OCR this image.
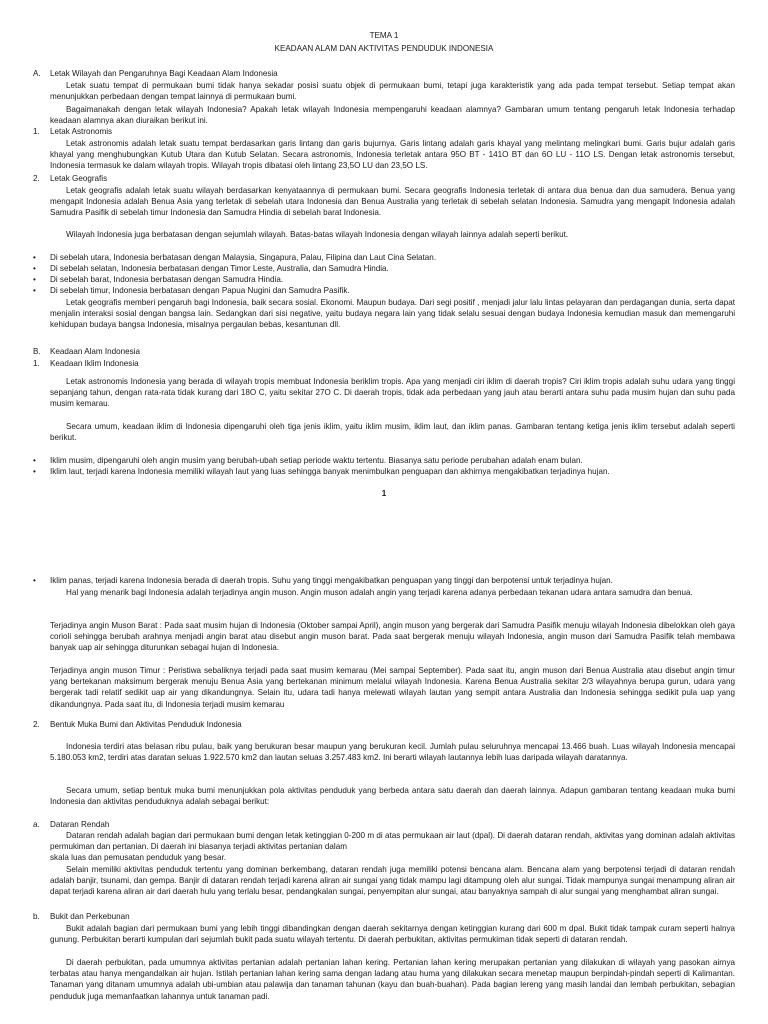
TEMA 1
KEADAAN ALAM DAN AKTIVITAS PENDUDUK INDONESIA
A. Letak Wilayah dan Pengaruhnya Bagi Keadaan Alam Indonesia
Letak suatu tempat di permukaan bumi tidak hanya sekadar posisi suatu objek di permukaan bumi, tetapi juga karakteristik yang ada pada tempat tersebut. Setiap tempat akan menunjukkan perbedaan dengan tempat lainnya di permukaan bumi.
Bagaimanakah dengan letak wilayah Indonesia? Apakah letak wilayah Indonesia mempengaruhi keadaan alamnya? Gambaran umum tentang pengaruh letak Indonesia terhadap keadaan alamnya akan diuraikan berikut ini.
1. Letak Astronomis
Letak astronomis adalah letak suatu tempat berdasarkan garis lintang dan garis bujurnya. Garis lintang adalah garis khayal yang melintang melingkari bumi. Garis bujur adalah garis khayal yang menghubungkan Kutub Utara dan Kutub Selatan. Secara astronomis, Indonesia terletak antara 95O BT - 141O BT dan 6O LU - 11O LS. Dengan letak astronomis tersebut, Indonesia termasuk ke dalam wilayah tropis. Wilayah tropis dibatasi oleh lintang 23,5O LU dan 23,5O LS.
2. Letak Geografis
Letak geografis adalah letak suatu wilayah berdasarkan kenyataannya di permukaan bumi. Secara geografis Indonesia terletak di antara dua benua dan dua samudera. Benua yang mengapit Indonesia adalah Benua Asia yang terletak di sebelah utara Indonesia dan Benua Australia yang terletak di sebelah selatan Indonesia. Samudra yang mengapit Indonesia adalah Samudra Pasifik di sebelah timur Indonesia dan Samudra Hindia di sebelah barat Indonesia.
Wilayah Indonesia juga berbatasan dengan sejumlah wilayah. Batas-batas wilayah Indonesia dengan wilayah lainnya adalah seperti berikut.
• Di sebelah utara, Indonesia berbatasan dengan Malaysia, Singapura, Palau, Filipina dan Laut Cina Selatan.
• Di sebelah selatan, Indonesia berbatasan dengan Timor Leste, Australia, dan Samudra Hindia.
• Di sebelah barat, Indonesia berbatasan dengan Samudra Hindia.
• Di sebelah timur, Indonesia berbatasan dengan Papua Nugini dan Samudra Pasifik.
Letak geografis memberi pengaruh bagi Indonesia, baik secara sosial. Ekonomi. Maupun budaya. Dari segi positif , menjadi jalur lalu lintas pelayaran dan perdagangan dunia, serta dapat menjalin interaksi sosial dengan bangsa lain. Sedangkan dari sisi negative, yaitu budaya negara lain yang tidak selalu sesuai dengan budaya Indonesia kemudian masuk dan memengaruhi kehidupan budaya bangsa Indonesia, misalnya pergaulan bebas, kesantunan dll.
B. Keadaan Alam Indonesia
1. Keadaan Iklim Indonesia
Letak astronomis Indonesia yang berada di wilayah tropis membuat Indonesia beriklim tropis. Apa yang menjadi ciri iklim di daerah tropis? Ciri iklim tropis adalah suhu udara yang tinggi sepanjang tahun, dengan rata-rata tidak kurang dari 18O C, yaitu sekitar 27O C. Di daerah tropis, tidak ada perbedaan yang jauh atau berarti antara suhu pada musim hujan dan suhu pada musim kemarau.
Secara umum, keadaan iklim di Indonesia dipengaruhi oleh tiga jenis iklim, yaitu iklim musim, iklim laut, dan iklim panas. Gambaran tentang ketiga jenis iklim tersebut adalah seperti berikut.
• Iklim musim, dipengaruhi oleh angin musim yang berubah-ubah setiap periode waktu tertentu. Biasanya satu periode perubahan adalah enam bulan.
• Iklim laut, terjadi karena Indonesia memiliki wilayah laut yang luas sehingga banyak menimbulkan penguapan dan akhirnya mengakibatkan terjadinya hujan.
1
• Iklim panas, terjadi karena Indonesia berada di daerah tropis. Suhu yang tinggi mengakibatkan penguapan yang tinggi dan berpotensi untuk terjadinya hujan.
Hal yang menarik bagi Indonesia adalah terjadinya angin muson. Angin muson adalah angin yang terjadi karena adanya perbedaan tekanan udara antara samudra dan benua.
Terjadinya angin Muson Barat : Pada saat musim hujan di Indonesia (Oktober sampai April), angin muson yang bergerak dari Samudra Pasifik menuju wilayah Indonesia dibelokkan oleh gaya corioli sehingga berubah arahnya menjadi angin barat atau disebut angin muson barat. Pada saat bergerak menuju wilayah Indonesia, angin muson dari Samudra Pasifik telah membawa banyak uap air sehingga diturunkan sebagai hujan di Indonesia.
Terjadinya angin muson Timur : Peristiwa sebaliknya terjadi pada saat musim kemarau (Mei sampai September). Pada saat itu, angin muson dari Benua Australia atau disebut angin timur yang bertekanan maksimum bergerak menuju Benua Asia yang bertekanan minimum melalui wilayah Indonesia. Karena Benua Australia sekitar 2/3 wilayahnya berupa gurun, udara yang bergerak tadi relatif sedikit uap air yang dikandungnya. Selain itu, udara tadi hanya melewati wilayah lautan yang sempit antara Australia dan Indonesia sehingga sedikit pula uap yang dikandungnya. Pada saat itu, di Indonesia terjadi musim kemarau
2. Bentuk Muka Bumi dan Aktivitas Penduduk Indonesia
Indonesia terdiri atas belasan ribu pulau, baik yang berukuran besar maupun yang berukuran kecil. Jumlah pulau seluruhnya mencapai 13.466 buah. Luas wilayah Indonesia mencapai 5.180.053 km2, terdiri atas daratan seluas 1.922.570 km2 dan lautan seluas 3.257.483 km2. Ini berarti wilayah lautannya lebih luas daripada wilayah daratannya.
Secara umum, setiap bentuk muka bumi menunjukkan pola aktivitas penduduk yang berbeda antara satu daerah dan daerah lainnya. Adapun gambaran tentang keadaan muka bumi Indonesia dan aktivitas penduduknya adalah sebagai berikut:
a. Dataran Rendah
Dataran rendah adalah bagian dari permukaan bumi dengan letak ketinggian 0-200 m di atas permukaan air laut (dpal). Di daerah dataran rendah, aktivitas yang dominan adalah aktivitas permukiman dan pertanian. Di daerah ini biasanya terjadi aktivitas pertanian dalam
skala luas dan pemusatan penduduk yang besar.
Selain memiliki aktivitas penduduk tertentu yang dominan berkembang, dataran rendah juga memiliki potensi bencana alam. Bencana alam yang berpotensi terjadi di dataran rendah adalah banjir, tsunami, dan gempa. Banjir di dataran rendah terjadi karena aliran air sungai yang tidak mampu lagi ditampung oleh alur sungai. Tidak mampunya sungai menampung aliran air dapat terjadi karena aliran air dari daerah hulu yang terlalu besar, pendangkalan sungai, penyempitan alur sungai, atau banyaknya sampah di alur sungai yang menghambat aliran sungai.
b. Bukit dan Perkebunan
Bukit adalah bagian dari permukaan bumi yang lebih tinggi dibandingkan dengan daerah sekitarnya dengan ketinggian kurang dari 600 m dpal. Bukit tidak tampak curam seperti halnya gunung. Perbukitan berarti kumpulan dari sejumlah bukit pada suatu wilayah tertentu. Di daerah perbukitan, aktivitas permukiman tidak seperti di dataran rendah.
Di daerah perbukitan, pada umumnya aktivitas pertanian adalah pertanian lahan kering. Pertanian lahan kering merupakan pertanian yang dilakukan di wilayah yang pasokan airnya terbatas atau hanya mengandalkan air hujan. Istilah pertanian lahan kering sama dengan ladang atau huma yang dilakukan secara menetap maupun berpindah-pindah seperti di Kalimantan. Tanaman yang ditanam umumnya adalah ubi-umbian atau palawija dan tanaman tahunan (kayu dan buah-buahan). Pada bagian lereng yang masih landai dan lembah perbukitan, sebagian penduduk juga memanfaatkan lahannya untuk tanaman padi.
